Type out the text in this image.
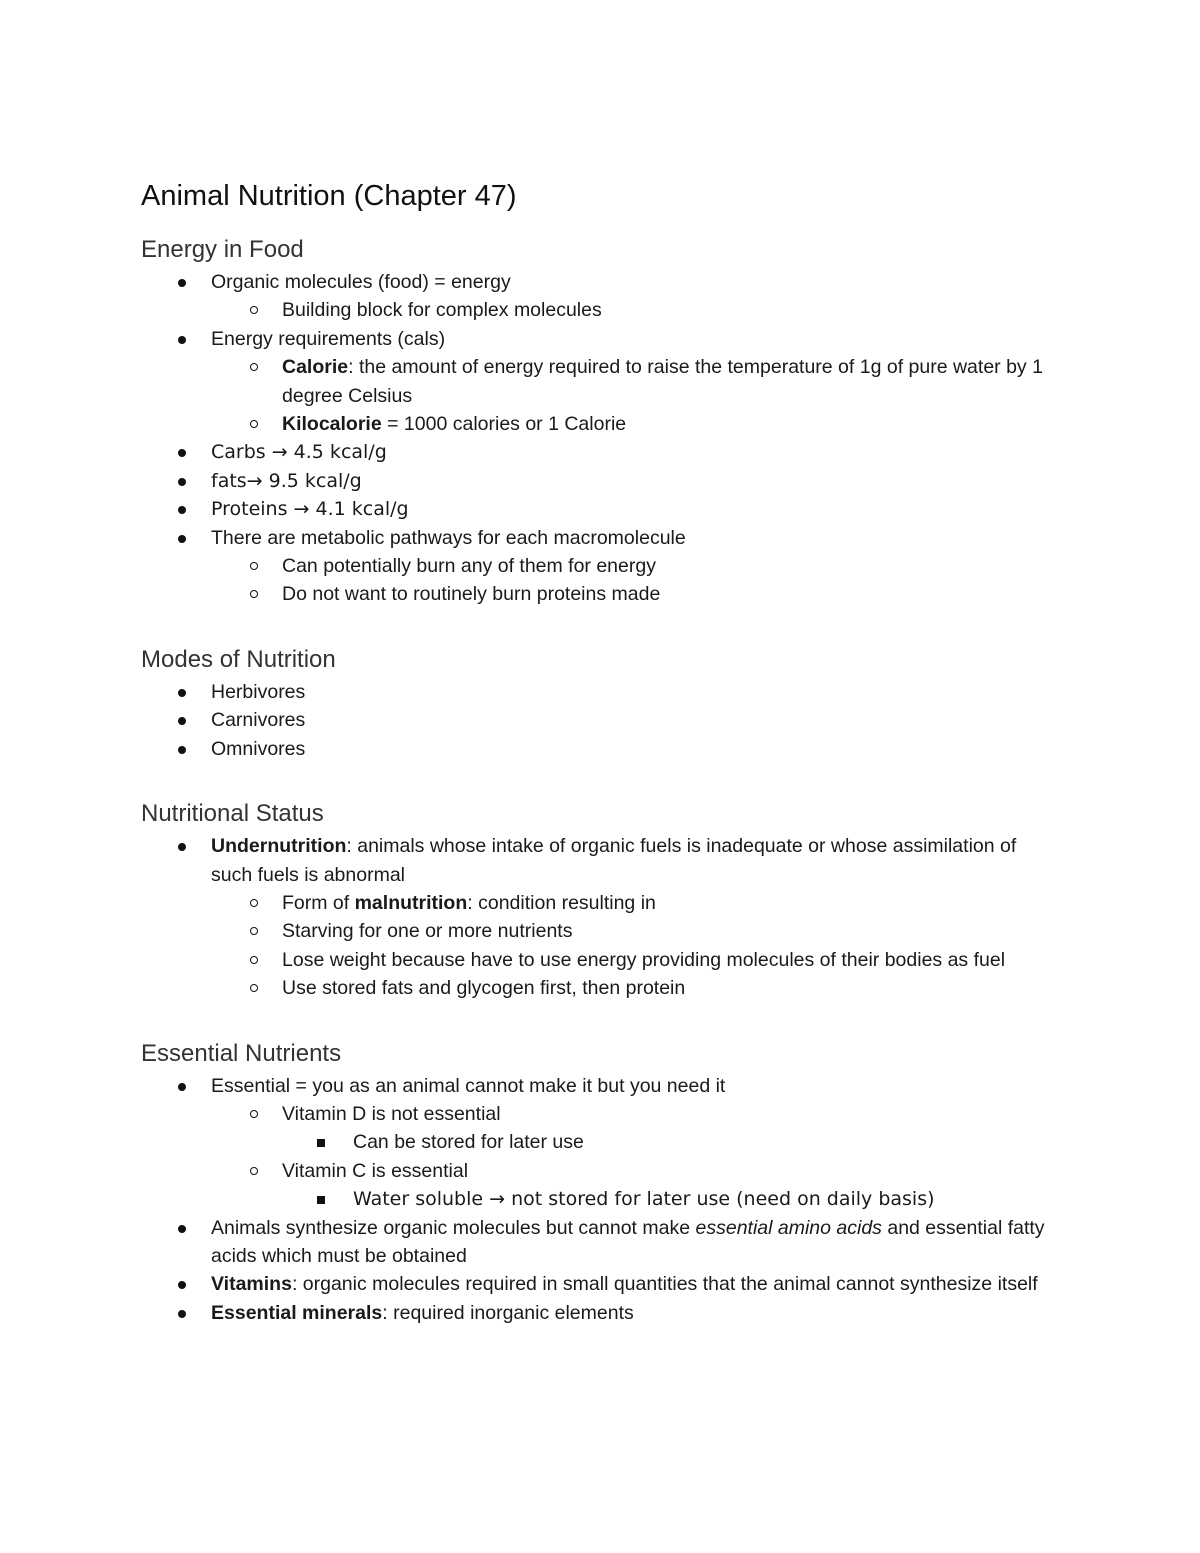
Animal Nutrition (Chapter 47)
Energy in Food
Organic molecules (food) = energy
Building block for complex molecules
Energy requirements (cals)
Calorie: the amount of energy required to raise the temperature of 1g of pure water by 1 degree Celsius
Kilocalorie = 1000 calories or 1 Calorie
Carbs → 4.5 kcal/g
fats→ 9.5 kcal/g
Proteins → 4.1 kcal/g
There are metabolic pathways for each macromolecule
Can potentially burn any of them for energy
Do not want to routinely burn proteins made
Modes of Nutrition
Herbivores
Carnivores
Omnivores
Nutritional Status
Undernutrition: animals whose intake of organic fuels is inadequate or whose assimilation of such fuels is abnormal
Form of malnutrition: condition resulting in
Starving for one or more nutrients
Lose weight because have to use energy providing molecules of their bodies as fuel
Use stored fats and glycogen first, then protein
Essential Nutrients
Essential = you as an animal cannot make it but you need it
Vitamin D is not essential
Can be stored for later use
Vitamin C is essential
Water soluble → not stored for later use (need on daily basis)
Animals synthesize organic molecules but cannot make essential amino acids and essential fatty acids which must be obtained
Vitamins: organic molecules required in small quantities that the animal cannot synthesize itself
Essential minerals: required inorganic elements
